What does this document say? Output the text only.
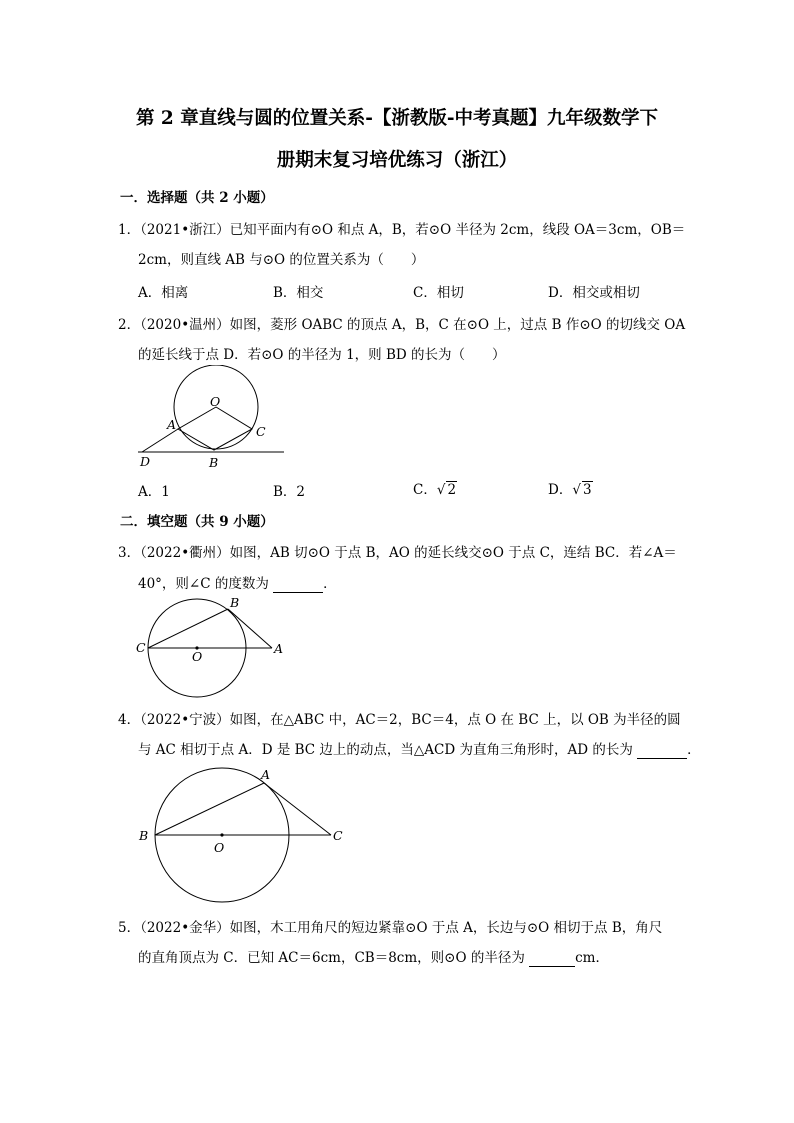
第 2 章直线与圆的位置关系-【浙教版-中考真题】九年级数学下
册期末复习培优练习（浙江）
一．选择题（共 2 小题）
1．（2021•浙江）已知平面内有⊙O 和点 A，B，若⊙O 半径为 2cm，线段 OA＝3cm，OB＝
2cm，则直线 AB 与⊙O 的位置关系为（　　）
A．相离	B．相交	C．相切	D．相交或相切
2．（2020•温州）如图，菱形 OABC 的顶点 A，B，C 在⊙O 上，过点 B 作⊙O 的切线交 OA
的延长线于点 D．若⊙O 的半径为 1，则 BD 的长为（　　）
O
A	C
B
D
A．1	B．2	C．√ 2	D．√ 3
二．填空题（共 9 小题）
3．（2022•衢州）如图，AB 切⊙O 于点 B，AO 的延长线交⊙O 于点 C，连结 BC．若∠A＝
40°，则∠C 的度数为	．
B
C
O
A
4．（2022•宁波）如图，在△ABC 中，AC＝2，BC＝4，点 O 在 BC 上，以 OB 为半径的圆
与 AC 相切于点 A．D 是 BC 边上的动点，当△ACD 为直角三角形时，AD 的长为	．
A
B	C
O
5．（2022•金华）如图，木工用角尺的短边紧靠⊙O 于点 A，长边与⊙O 相切于点 B，角尺
的直角顶点为 C．已知 AC＝6cm，CB＝8cm，则⊙O 的半径为	cm．
